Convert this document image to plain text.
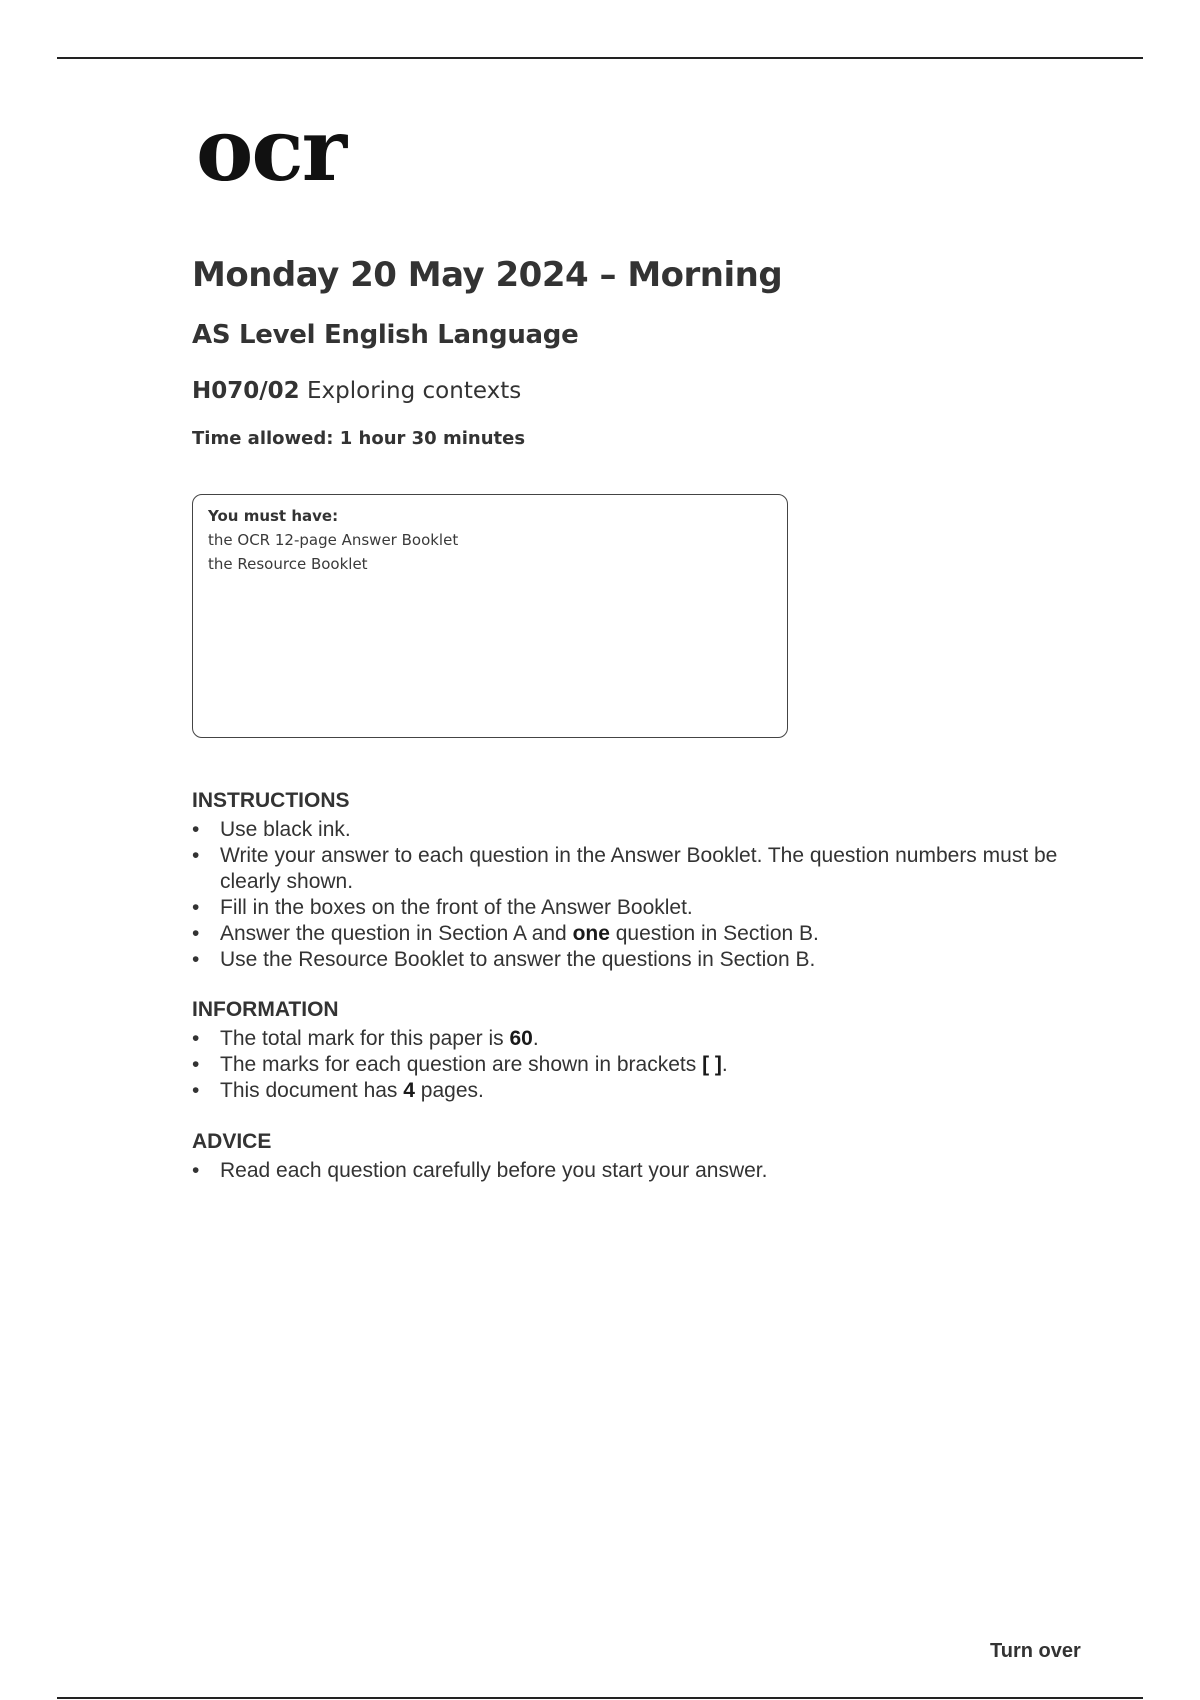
ocr
Monday 20 May 2024 – Morning
AS Level English Language
H070/02 Exploring contexts
Time allowed: 1 hour 30 minutes
You must have:
the OCR 12-page Answer Booklet
the Resource Booklet
INSTRUCTIONS
• Use black ink.
• Write your answer to each question in the Answer Booklet. The question numbers must be clearly shown.
• Fill in the boxes on the front of the Answer Booklet.
• Answer the question in Section A and one question in Section B.
• Use the Resource Booklet to answer the questions in Section B.
INFORMATION
• The total mark for this paper is 60.
• The marks for each question are shown in brackets [ ].
• This document has 4 pages.
ADVICE
• Read each question carefully before you start your answer.
Turn over
